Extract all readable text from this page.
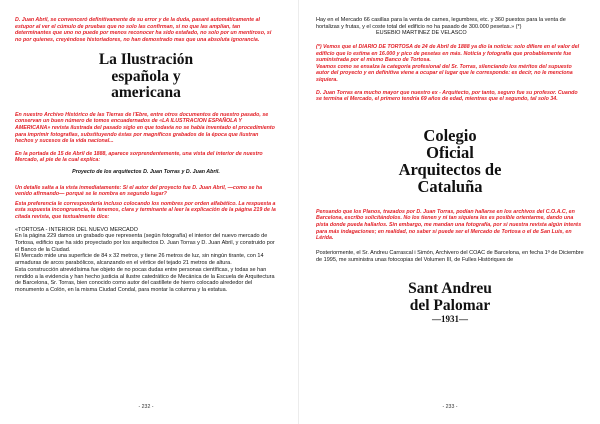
D. Juan Abril, se convenceró definitivamente de su error y de la duda, pasaré automáticamente al estupor al ver el cúmulo de pruebas que no solo las confirman, si no que las amplían, tan determinantes que uno no puede por menos reconocer ha sido estafado, no solo por un mentiroso, si no por quienes, creyéndose historiadores, no han demostrado mas que una absoluta ignorancia.

La Ilustración

española y

americana

En nuestro Archivo Histórico de las Tierras de l'Ebre, entre otros documentos de nuestro pasado, se conservan un buen número de tomos encuadernados de «LA ILUSTRACION ESPAÑOLA Y AMERICANA» revista ilustrada del pasado siglo en que todavía no se había inventado el procedimiento para imprimir fotografías, substituyendo éstas por magníficos grabados de la época que ilustran hechos y sucesos de la vida nacional...

En la portada de 15 de Abril de 1888, aparece sorprendentemente, una vista del interior de nuestro Mercado, al pie de la cual explica:

Proyecto de los arquitectos D. Juan Torras y D. Juan Abril.

Un detalle salta a la vista inmediatamente: Si el autor del proyecto fue D. Juan Abril, —como se ha venido afirmando— porqué se le nombra en segundo lugar?

Esta preferencia le correspondería incluso colocando los nombres por orden alfabético. La respuesta a esta supuesta incongruencia, la tenemos, clara y terminante al leer la explicación de la página 219 de la citada revista, que textualmente dice:

«TORTOSA - INTERIOR DEL NUEVO MERCADO

En la página 229 damos un grabado que representa (según fotografía) el interior del nuevo mercado de Tortosa, edificio que ha sido proyectado por los arquitectos D. Juan Torras y D. Juan Abril, y construido por el Banco de la Ciudad.

El Mercado mide una superficie de 84 x 32 metros, y tiene 26 metros de luz, sin ningún tirante, con 14 armaduras de arcos parabólicos, alcanzando en el vértice del tejado 21 metros de altura.

Esta construcción atrevidísima fue objeto de no pocas dudas entre personas científicas, y todas se han rendido a la evidencia y han hecho justicia al ilustre catedrático de Mecánica de la Escuela de Arquitectura de Barcelona, Sr. Torras, bien conocido como autor del castillete de hierro colocado alrededor del monumento a Colón, en la misma Ciudad Condal, para montar la columna y la estatua.

- 232 -

Hay en el Mercado 66 casillas para la venta de carnes, legumbres, etc. y 360 puestos para la venta de hortalizas y frutas, y el coste total del edificio no ha pasado de 300.000 pesetas.» (*)

EUSEBIO MARTINEZ DE VELASCO

(*) Vemos que el DIARIO DE TORTOSA de 24 de Abril de 1888 ya dio la noticia: solo difiere en el valor del edificio que lo estima en 16.000 y pico de pesetas en más. Noticia y fotografía que probablemente fue suministrada por el mismo Banco de Tortosa.

Veamos como se ensalza la categoría profesional del Sr. Torras, silenciando los méritos del supuesto autor del proyecto y en definitiva viene a ocupar el lugar que le corresponde: es decir, no le menciona siquiera.

D. Juan Torras era mucho mayor que nuestro ex - Arquitecto, por tanto, seguro fue su profesor. Cuando se termina el Mercado, el primero tendría 69 años de edad, mientras que el segundo, tal solo 34.

Colegio

Oficial

Arquitectos de

Cataluña

Pensando que los Planos, trazados por D. Juan Torras, podían hallarse en los archivos del C.O.A.C, en Barcelona, escribo solicitándolos. No los tienen y ni tan siquiera les es posible orientarme, dando una pista donde pueda hallarlos. Sin embargo, me mandan una fotografía, por si nuestra revista algún interés para más indagaciones; en realidad, no saber si puede ser el Mercado de Tortosa o el de San Luis, en Lérida.

Posteriormente, el Sr. Andreu Carrascal i Simón, Archivero del COAC de Barcelona, en fecha 1º de Diciembre de 1995, me suministra unas fotocopias del Volumen III, de Fulles Històriques de

Sant Andreu

del Palomar

—1931—

- 233 -
